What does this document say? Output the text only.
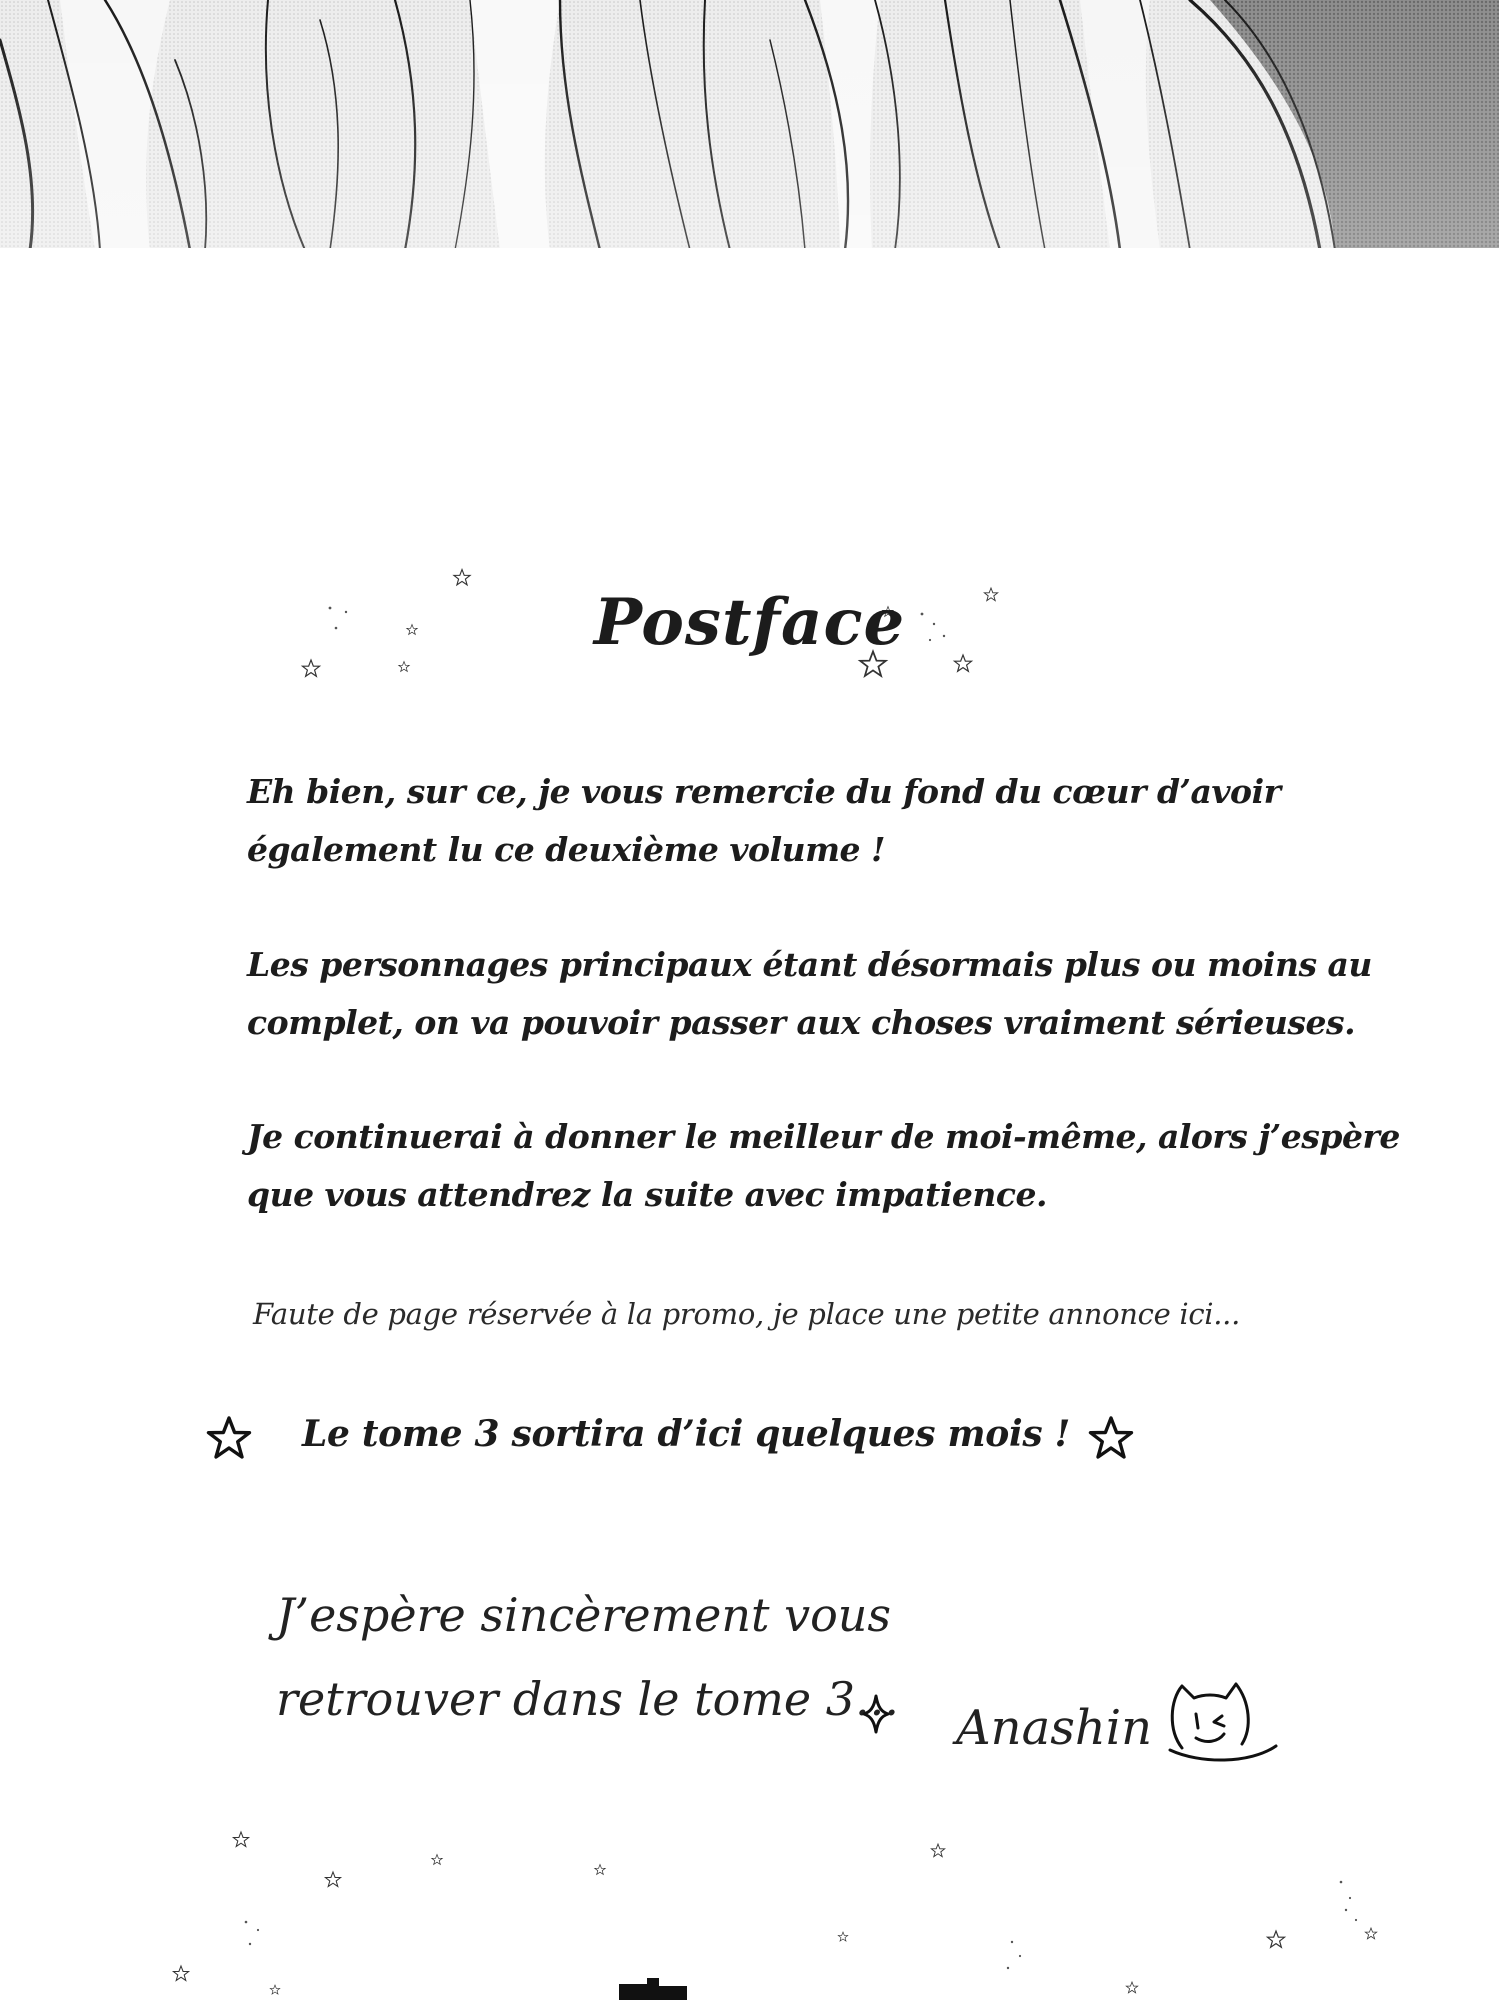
Postface
Eh bien, sur ce, je vous remercie du fond du cœur d’avoir
également lu ce deuxième volume !
Les personnages principaux étant désormais plus ou moins au
complet, on va pouvoir passer aux choses vraiment sérieuses.
Je continuerai à donner le meilleur de moi-même, alors j’espère
que vous attendrez la suite avec impatience.
Faute de page réservée à la promo, je place une petite annonce ici...
Le tome 3 sortira d’ici quelques mois !
J’espère sincèrement vous
retrouver dans le tome 3...
Anashin
